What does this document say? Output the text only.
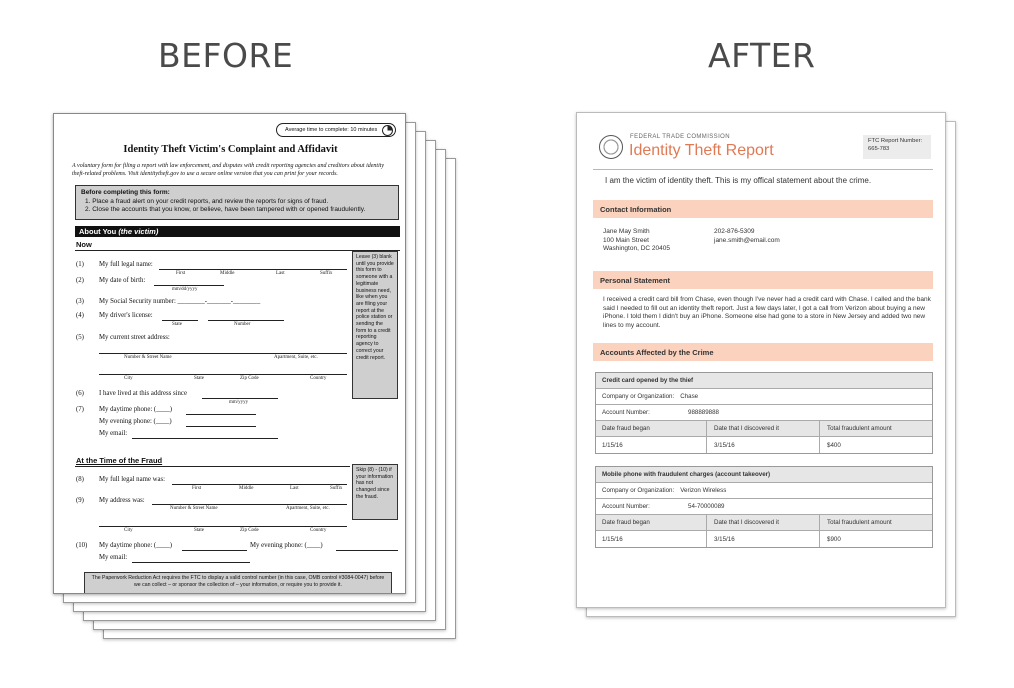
BEFORE	AFTER
Average time to complete: 10 minutes
Identity Theft Victim's Complaint and Affidavit
A voluntary form for filing a report with law enforcement, and disputes with credit reporting agencies and creditors about identity theft-related problems. Visit identitytheft.gov to use a secure online version that you can print for your records.
Before completing this form:
1. Place a fraud alert on your credit reports, and review the reports for signs of fraud.
2. Close the accounts that you know, or believe, have been tampered with or opened fraudulently.
About You (the victim)
Now
Leave (3) blank until you provide this form to someone with a legitimate business need, like when you are filing your report at the police station or sending the form to a credit reporting agency to correct your credit report.
(1) My full legal name:
First	Middle	Last	Suffix
(2) My date of birth:
mm/dd/yyyy
(3) My Social Security number: ________-_______-________
(4) My driver's license:
State	Number
(5) My current street address:
Number & Street Name	Apartment, Suite, etc.
City	State	Zip Code	Country
(6) I have lived at this address since
mm/yyyy
(7) My daytime phone: (____)
My evening phone: (____)
My email:
At the Time of the Fraud
Skip (8) - (10) if your information has not changed since the fraud.
(8) My full legal name was:
First	Middle	Last	Suffix
(9) My address was:
Number & Street Name	Apartment, Suite, etc.
City	State	Zip Code	Country
(10) My daytime phone: (____)	My evening phone: (____)
My email:
The Paperwork Reduction Act requires the FTC to display a valid control number (in this case, OMB control #3084-0047) before we can collect – or sponsor the collection of – your information, or require you to provide it.
FEDERAL TRADE COMMISSION
Identity Theft Report
FTC Report Number:
665-783
I am the victim of identity theft. This is my offical statement about the crime.
Contact Information
Jane May Smith
100 Main Street
Washington, DC 20405
202-876-5309
jane.smith@email.com
Personal Statement
I received a credit card bill from Chase, even though I've never had a credit card with Chase. I called and the bank said I needed to fill out an identity theft report. Just a few days later, I got a call from Verizon about buying a new iPhone. I told them I didn't buy an iPhone. Someone else had gone to a store in New Jersey and added two new lines to my account.
Accounts Affected by the Crime
Credit card opened by the thief
Company or Organization: Chase
Account Number:	988889888
Date fraud began	Date that I discovered it	Total fraudulent amount
1/15/16	3/15/16	$400
Mobile phone with fraudulent charges (account takeover)
Company or Organization: Verizon Wireless
Account Number:	54-70000089
Date fraud began	Date that I discovered it	Total fraudulent amount
1/15/16	3/15/16	$900
